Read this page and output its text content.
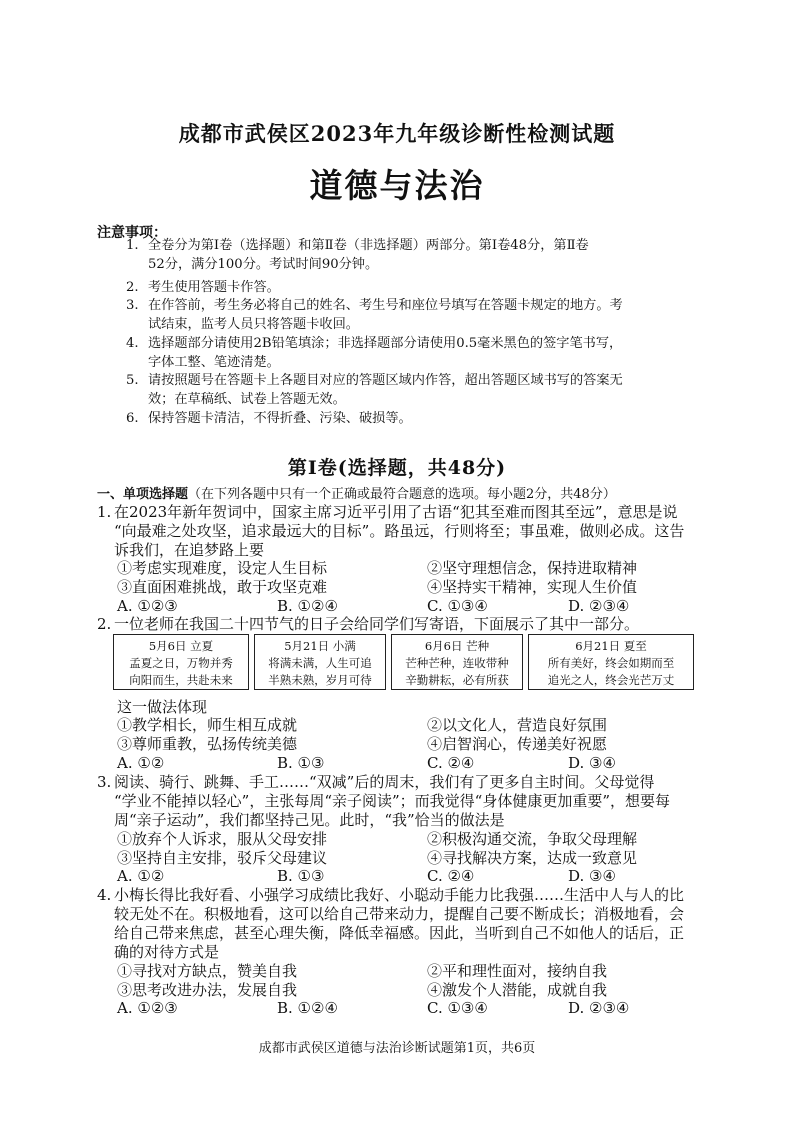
成都市武侯区2023年九年级诊断性检测试题
道德与法治
注意事项：
1. 全卷分为第Ⅰ卷（选择题）和第Ⅱ卷（非选择题）两部分。第Ⅰ卷48分，第Ⅱ卷
52分，满分100分。考试时间90分钟。
2. 考生使用答题卡作答。
3. 在作答前，考生务必将自己的姓名、考生号和座位号填写在答题卡规定的地方。考
试结束，监考人员只将答题卡收回。
4. 选择题部分请使用2B铅笔填涂；非选择题部分请使用0.5毫米黑色的签字笔书写，
字体工整、笔迹清楚。
5. 请按照题号在答题卡上各题目对应的答题区域内作答，超出答题区域书写的答案无
效；在草稿纸、试卷上答题无效。
6. 保持答题卡清洁，不得折叠、污染、破损等。
第Ⅰ卷(选择题，共48分)
一、单项选择题（在下列各题中只有一个正确或最符合题意的选项。每小题2分，共48分）
1. 在2023年新年贺词中，国家主席习近平引用了古语“犯其至难而图其至远”，意思是说
“向最难之处攻坚，追求最远大的目标”。路虽远，行则将至；事虽难，做则必成。这告
诉我们，在追梦路上要
①考虑实现难度，设定人生目标	②坚守理想信念，保持进取精神
③直面困难挑战，敢于攻坚克难	④坚持实干精神，实现人生价值
A. ①②③	B. ①②④	C. ①③④	D. ②③④
2. 一位老师在我国二十四节气的日子会给同学们写寄语，下面展示了其中一部分。
5月6日 立夏
孟夏之日，万物并秀
向阳而生，共赴未来
5月21日 小满
将满未满，人生可追
半熟未熟，岁月可待
6月6日 芒种
芒种芒种，连收带种
辛勤耕耘，必有所获
6月21日 夏至
所有美好，终会如期而至
追光之人，终会光芒万丈
这一做法体现
①教学相长，师生相互成就	②以文化人，营造良好氛围
③尊师重教，弘扬传统美德	④启智润心，传递美好祝愿
A. ①②	B. ①③	C. ②④	D. ③④
3. 阅读、骑行、跳舞、手工……“双减”后的周末，我们有了更多自主时间。父母觉得
“学业不能掉以轻心”，主张每周“亲子阅读”；而我觉得“身体健康更加重要”，想要每
周“亲子运动”，我们都坚持己见。此时，“我”恰当的做法是
①放弃个人诉求，服从父母安排	②积极沟通交流，争取父母理解
③坚持自主安排，驳斥父母建议	④寻找解决方案，达成一致意见
A. ①②	B. ①③	C. ②④	D. ③④
4. 小梅长得比我好看、小强学习成绩比我好、小聪动手能力比我强……生活中人与人的比
较无处不在。积极地看，这可以给自己带来动力，提醒自己要不断成长；消极地看，会
给自己带来焦虑，甚至心理失衡，降低幸福感。因此，当听到自己不如他人的话后，正
确的对待方式是
①寻找对方缺点，赞美自我	②平和理性面对，接纳自我
③思考改进办法，发展自我	④激发个人潜能，成就自我
A. ①②③	B. ①②④	C. ①③④	D. ②③④
成都市武侯区道德与法治诊断试题第1页，共6页
